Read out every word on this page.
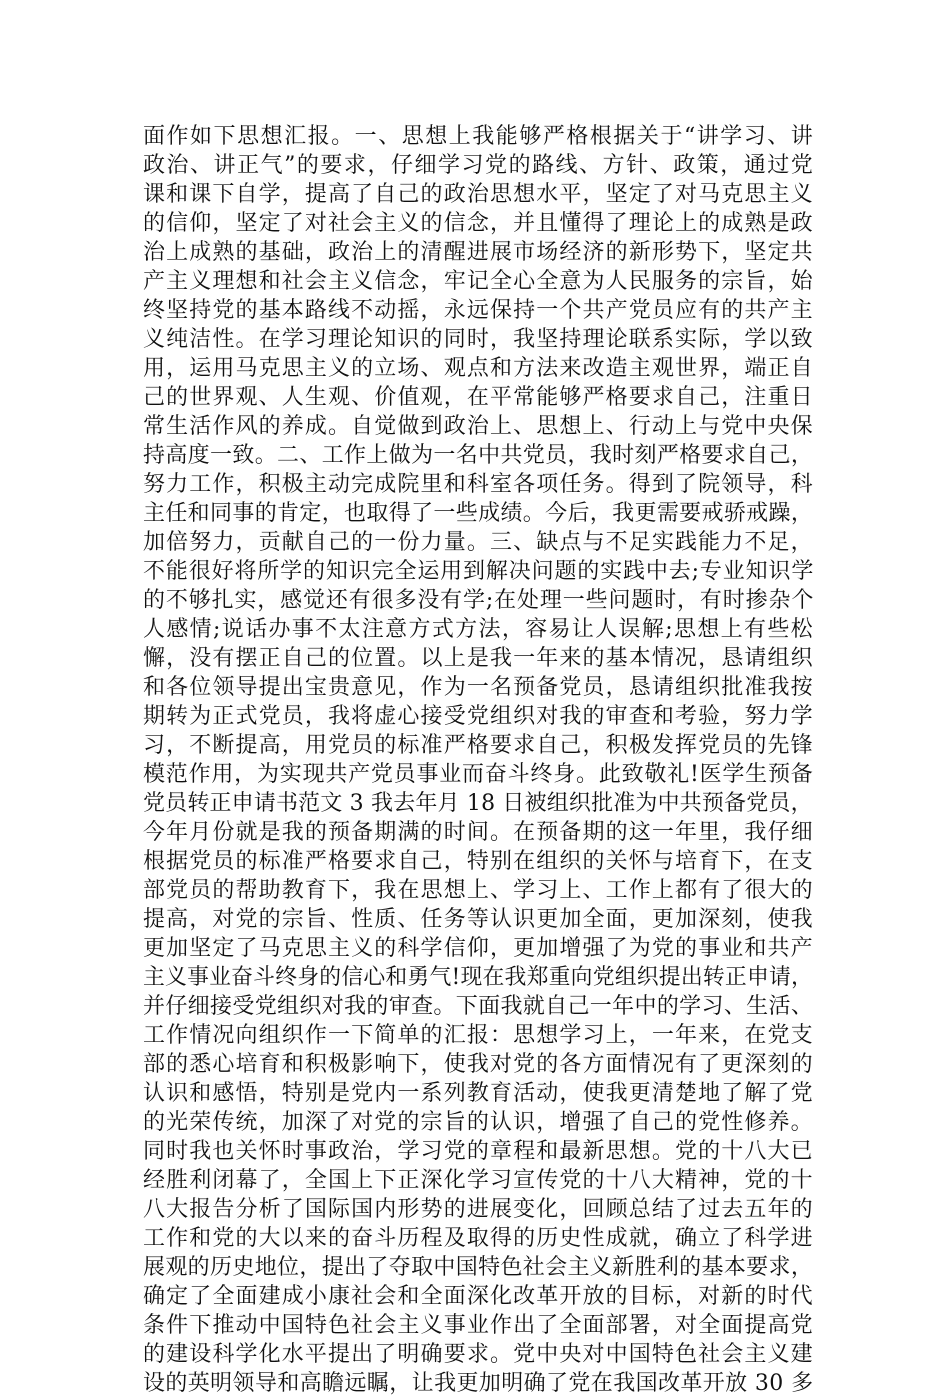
面作如下思想汇报。一、思想上我能够严格根据关于“讲学习、讲
政治、讲正气”的要求，仔细学习党的路线、方针、政策，通过党
课和课下自学，提高了自己的政治思想水平，坚定了对马克思主义
的信仰，坚定了对社会主义的信念，并且懂得了理论上的成熟是政
治上成熟的基础，政治上的清醒进展市场经济的新形势下，坚定共
产主义理想和社会主义信念，牢记全心全意为人民服务的宗旨，始
终坚持党的基本路线不动摇，永远保持一个共产党员应有的共产主
义纯洁性。在学习理论知识的同时，我坚持理论联系实际，学以致
用，运用马克思主义的立场、观点和方法来改造主观世界，端正自
己的世界观、人生观、价值观，在平常能够严格要求自己，注重日
常生活作风的养成。自觉做到政治上、思想上、行动上与党中央保
持高度一致。二、工作上做为一名中共党员，我时刻严格要求自己，
努力工作，积极主动完成院里和科室各项任务。得到了院领导，科
主任和同事的肯定，也取得了一些成绩。今后，我更需要戒骄戒躁，
加倍努力，贡献自己的一份力量。三、缺点与不足实践能力不足，
不能很好将所学的知识完全运用到解决问题的实践中去;专业知识学
的不够扎实，感觉还有很多没有学;在处理一些问题时，有时掺杂个
人感情;说话办事不太注意方式方法，容易让人误解;思想上有些松
懈，没有摆正自己的位置。以上是我一年来的基本情况，恳请组织
和各位领导提出宝贵意见，作为一名预备党员，恳请组织批准我按
期转为正式党员，我将虚心接受党组织对我的审查和考验，努力学
习，不断提高，用党员的标准严格要求自己，积极发挥党员的先锋
模范作用，为实现共产党员事业而奋斗终身。此致敬礼!医学生预备
党员转正申请书范文 3 我去年月 18 日被组织批准为中共预备党员，
今年月份就是我的预备期满的时间。在预备期的这一年里，我仔细
根据党员的标准严格要求自己，特别在组织的关怀与培育下，在支
部党员的帮助教育下，我在思想上、学习上、工作上都有了很大的
提高，对党的宗旨、性质、任务等认识更加全面，更加深刻，使我
更加坚定了马克思主义的科学信仰，更加增强了为党的事业和共产
主义事业奋斗终身的信心和勇气!现在我郑重向党组织提出转正申请，
并仔细接受党组织对我的审查。下面我就自己一年中的学习、生活、
工作情况向组织作一下简单的汇报：思想学习上，一年来，在党支
部的悉心培育和积极影响下，使我对党的各方面情况有了更深刻的
认识和感悟，特别是党内一系列教育活动，使我更清楚地了解了党
的光荣传统，加深了对党的宗旨的认识，增强了自己的党性修养。
同时我也关怀时事政治，学习党的章程和最新思想。党的十八大已
经胜利闭幕了，全国上下正深化学习宣传党的十八大精神，党的十
八大报告分析了国际国内形势的进展变化，回顾总结了过去五年的
工作和党的大以来的奋斗历程及取得的历史性成就，确立了科学进
展观的历史地位，提出了夺取中国特色社会主义新胜利的基本要求，
确定了全面建成小康社会和全面深化改革开放的目标，对新的时代
条件下推动中国特色社会主义事业作出了全面部署，对全面提高党
的建设科学化水平提出了明确要求。党中央对中国特色社会主义建
设的英明领导和高瞻远瞩，让我更加明确了党在我国改革开放 30 多
